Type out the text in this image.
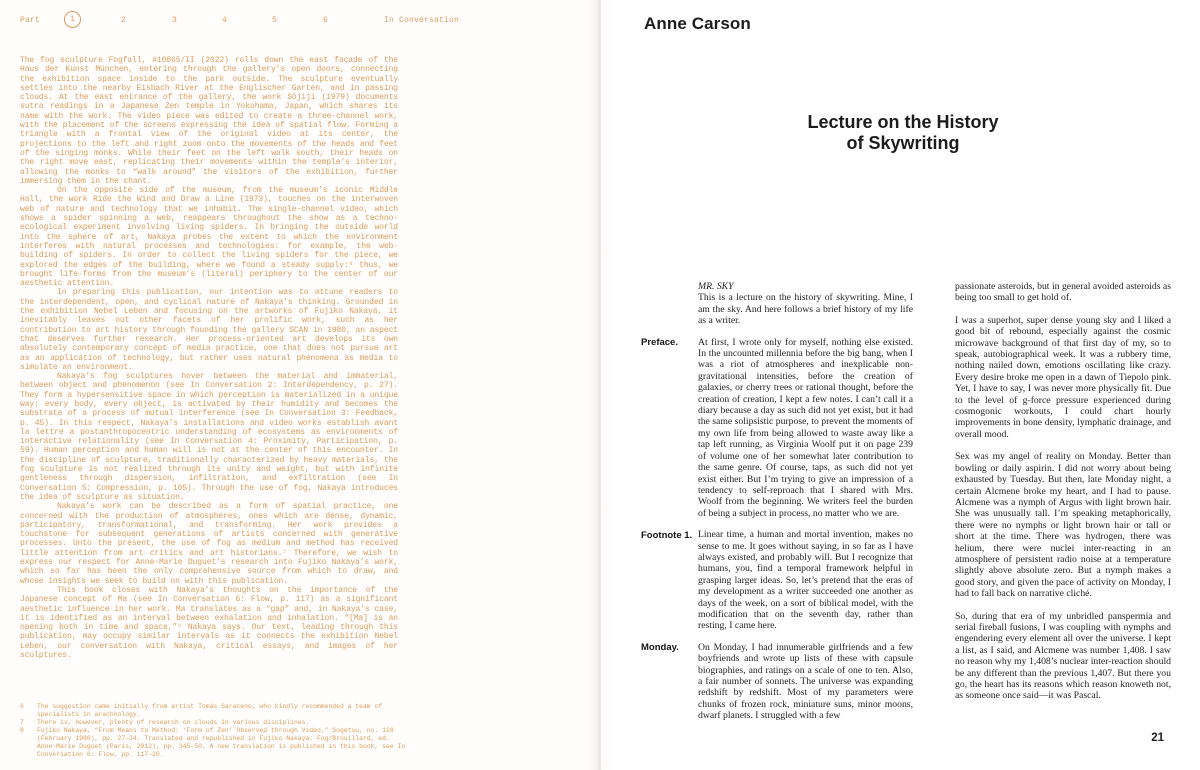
Part	1	2	3	4	5	6	In Conversation

The fog sculpture Fogfall, #10865/II (2022) rolls down the east façade of the Haus der Kunst München, entering through the gallery’s open doors, connecting the exhibition space inside to the park outside. The sculpture eventually settles into the nearby Eisbach River at the Englischer Garten, and in passing clouds. At the east entrance of the gallery, the work Sōjiji (1979) documents sutra readings in a Japanese Zen temple in Yokohama, Japan, which shares its name with the work. The video piece was edited to create a three-channel work, with the placement of the screens expressing the idea of spatial flow. Forming a triangle with a frontal view of the original video at its center, the projections to the left and right zoom onto the movements of the heads and feet of the singing monks. While their feet on the left walk south, their heads on the right move east, replicating their movements within the temple’s interior, allowing the monks to “walk around” the visitors of the exhibition, further immersing them in the chant.

On the opposite side of the museum, from the museum’s iconic Middle Hall, the work Ride the Wind and Draw a Line (1973), touches on the interwoven web of nature and technology that we inhabit. The single-channel video, which shows a spider spinning a web, reappears throughout the show as a techno-ecological experiment involving living spiders. In bringing the outside world into the sphere of art, Nakaya probes the extent to which the environment interferes with natural processes and technologies: for example, the web-building of spiders. In order to collect the living spiders for the piece, we explored the edges of the building, where we found a steady supply:⁶ thus, we brought life-forms from the museum’s (literal) periphery to the center of our aesthetic attention.

In preparing this publication, our intention was to attune readers to the interdependent, open, and cyclical nature of Nakaya’s thinking. Grounded in the exhibition Nebel Leben and focusing on the artworks of Fujiko Nakaya, it inevitably leaves out other facets of her prolific work, such as her contribution to art history through founding the gallery SCAN in 1980, an aspect that deserves further research. Her process-oriented art develops its own absolutely contemporary concept of media practice, one that does not pursue art as an application of technology, but rather uses natural phenomena as media to simulate an environment.

Nakaya’s fog sculptures hover between the material and immaterial, between object and phenomenon (see In Conversation 2: Interdependency, p. 27). They form a hypersensitive space in which perception is materialized in a unique way: every body, every object, is activated by their humidity and becomes the substrate of a process of mutual interference (see In Conversation 3: Feedback, p. 45). In this respect, Nakaya’s installations and video works establish avant la lettre a postanthropocentric understanding of ecosystems as environments of interactive relationality (see In Conversation 4: Proximity, Participation, p. 59). Human perception and human will is not at the center of this encounter. In the discipline of sculpture, traditionally characterized by heavy materials, the fog sculpture is not realized through its unity and weight, but with infinite gentleness through dispersion, infiltration, and exfiltration (see In Conversation 5: Compression, p. 105). Through the use of fog, Nakaya introduces the idea of sculpture as situation.

Nakaya’s work can be described as a form of spatial practice, one concerned with the production of atmospheres, ones which are dense, dynamic, participatory, transformational, and transforming. Her work provides a touchstone for subsequent generations of artists concerned with generative processes. Unto the present, the use of fog as medium and method has received little attention from art critics and art historians.⁷ Therefore, we wish to express our respect for Anne-Marie Duguet’s research into Fujiko Nakaya’s work, which so far has been the only comprehensive source from which to draw, and whose insights we seek to build on with this publication.

This book closes with Nakaya’s thoughts on the importance of the Japanese concept of Ma (see In Conversation 6: Flow, p. 117) as a significant aesthetic influence in her work. Ma translates as a “gap” and, in Nakaya’s case, it is identified as an interval between exhalation and inhalation. “[Ma] is an opening both in time and space,”⁸ Nakaya says. Our text, leading through this publication, may occupy similar intervals as it connects the exhibition Nebel Leben, our conversation with Nakaya, critical essays, and images of her sculptures.

6	The suggestion came initially from artist Tomás Saraceno, who kindly recommended a team of specialists in arachnology.
7	There is, however, plenty of research on clouds in various disciplines.
8	Fujiko Nakaya, “From Means to Method: ‘Form of Zen’ Observed through Video,” Sogetsu, no. 128 (February 1980), pp. 27–34. Translated and republished in Fujiko Nakaya: Fog/Brouillard, ed. Anne-Marie Duguet (Paris, 2012), pp. 345–50. A new translation is published in this book, see In Conversation 6: Flow, pp. 117–20.
Anne Carson
Lecture on the History
of Skywriting
MR. SKY
This is a lecture on the history of skywriting. Mine, I am the sky. And here follows a brief history of my life as a writer.
Preface.	At first, I wrote only for myself, nothing else existed. In the uncounted millennia before the big bang, when I was a riot of atmospheres and inexplicable non-gravitational intensities, before the creation of galaxies, or cherry trees or rational thought, before the creation of creation, I kept a few notes. I can’t call it a diary because a day as such did not yet exist, but it had the same solipsistic purpose, to prevent the moments of my own life from being allowed to waste away like a tap left running, as Virginia Woolf put it on page 239 of volume one of her somewhat later contribution to the same genre. Of course, taps, as such did not yet exist either. But I’m trying to give an impression of a tendency to self-reproach that I shared with Mrs. Woolf from the beginning. We writers feel the burden of being a subject in process, no matter who we are.
Footnote 1. Linear time, a human and mortal invention, makes no sense to me. It goes without saying, in so far as I have always existed, and probably will. But I recognize that humans, you, find a temporal framework helpful in grasping larger ideas. So, let’s pretend that the eras of my development as a writer succeeded one another as days of the week, on a sort of biblical model, with the modification that on the seventh day, rather than resting, I came here.
Monday.	On Monday, I had innumerable girlfriends and a few boyfriends and wrote up lists of these with capsule biographies, and ratings on a scale of one to ten. Also, a fair number of sonnets. The universe was expanding redshift by redshift. Most of my parameters were chunks of frozen rock, miniature suns, minor moons, dwarf planets. I struggled with a few

passionate asteroids, but in general avoided asteroids as being too small to get hold of.

I was a superhot, super dense young sky and I liked a good bit of rebound, especially against the cosmic microwave background of that first day of my, so to speak, autobiographical week. It was a rubbery time, nothing nailed down, emotions oscillating like crazy. Every desire broke me open in a dawn of Tiepolo pink. Yet, I have to say, I was never more physically fit. Due to the level of g-force pressure experienced during cosmogonic workouts, I could chart hourly improvements in bone density, lymphatic drainage, and overall mood.

Sex was my angel of reality on Monday. Better than bowling or daily aspirin. I did not worry about being exhausted by Tuesday. But then, late Monday night, a certain Alcmene broke my heart, and I had to pause. Alcmene was a nymph of Argus with light brown hair. She was unusually tall. I’m speaking metaphorically, there were no nymphs or light brown hair or tall or short at the time. There was hydrogen, there was helium, there were nuclei inter-reacting in an atmosphere of persistent radio noise at a temperature slightly above absolute zero. But a nymph makes a good story, and given the pace of activity on Monday, I had to fall back on narrative cliché.

So, during that era of my unbridled panspermia and serial fireball fusions, I was coupling with nymphs and engendering every element all over the universe. I kept a list, as I said, and Alcmene was number 1,408. I saw no reason why my 1,408’s nuclear inter-reaction should be any different than the previous 1,407. But there you go, the heart has its reasons which reason knoweth not, as someone once said—it was Pascal.

21
